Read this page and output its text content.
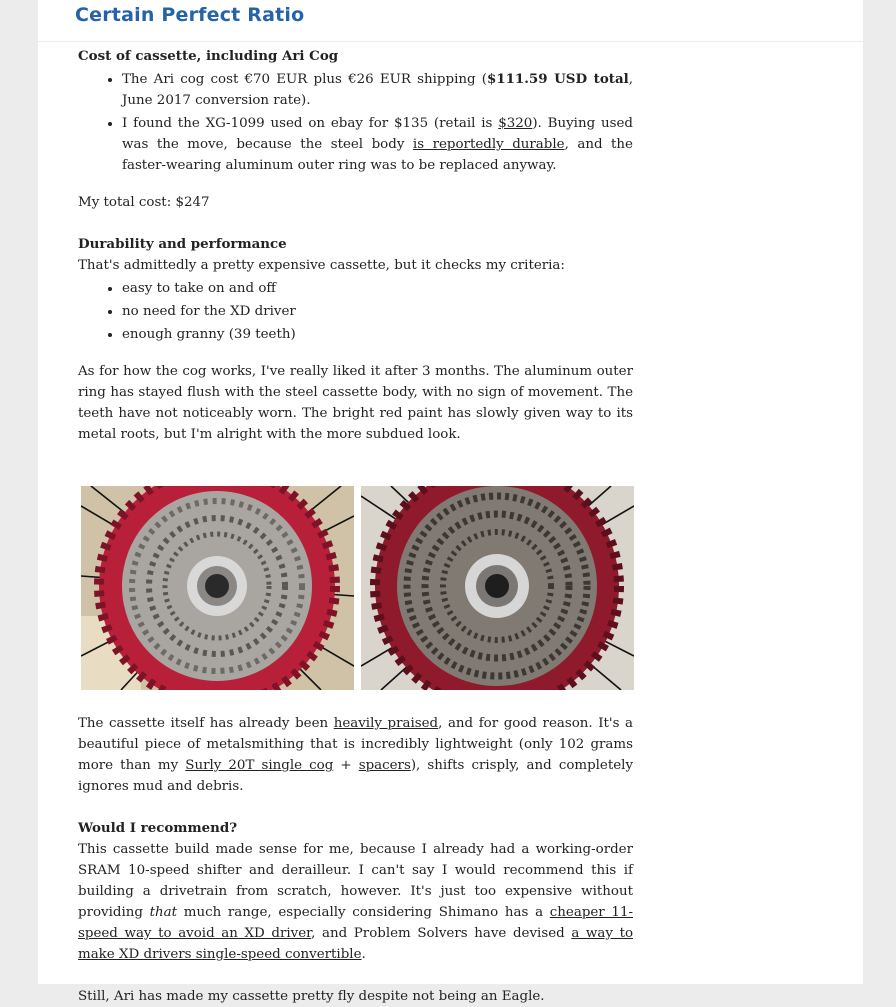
Certain Perfect Ratio

Cost of cassette, including Ari Cog

• The Ari cog cost €70 EUR plus €26 EUR shipping ($111.59 USD total, June 2017 conversion rate).
• I found the XG-1099 used on ebay for $135 (retail is $320). Buying used was the move, because the steel body is reportedly durable, and the faster-wearing aluminum outer ring was to be replaced anyway.

My total cost: $247

Durability and performance

That's admittedly a pretty expensive cassette, but it checks my criteria:

• easy to take on and off
• no need for the XD driver
• enough granny (39 teeth)

As for how the cog works, I've really liked it after 3 months. The aluminum outer ring has stayed flush with the steel cassette body, with no sign of movement. The teeth have not noticeably worn. The bright red paint has slowly given way to its metal roots, but I'm alright with the more subdued look.

The cassette itself has already been heavily praised, and for good reason. It's a beautiful piece of metalsmithing that is incredibly lightweight (only 102 grams more than my Surly 20T single cog + spacers), shifts crisply, and completely ignores mud and debris.

Would I recommend?

This cassette build made sense for me, because I already had a working-order SRAM 10-speed shifter and derailleur. I can't say I would recommend this if building a drivetrain from scratch, however. It's just too expensive without providing that much range, especially considering Shimano has a cheaper 11-speed way to avoid an XD driver, and Problem Solvers have devised a way to make XD drivers single-speed convertible.

Still, Ari has made my cassette pretty fly despite not being an Eagle.
